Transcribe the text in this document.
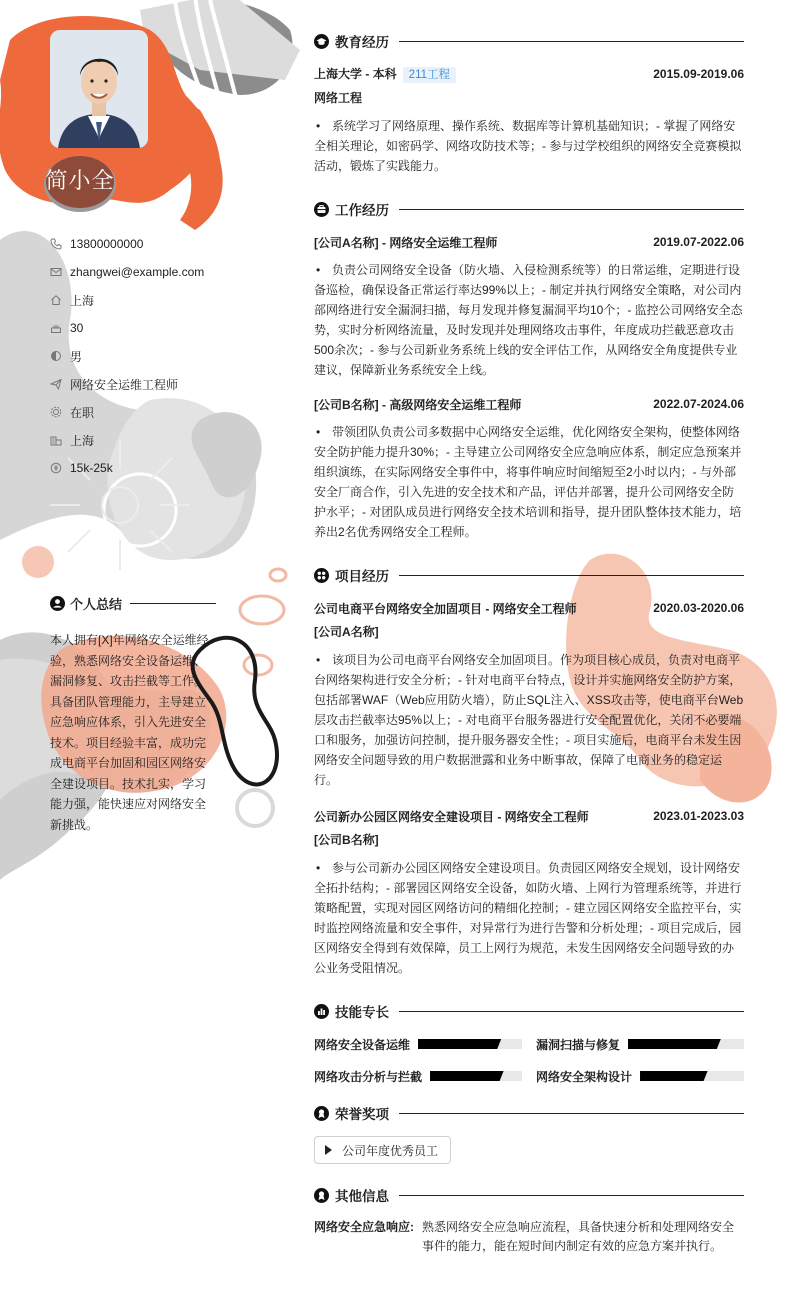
简小全
13800000000
zhangwei@example.com
上海
30
男
网络安全运维工程师
在职
上海
15k-25k
个人总结
本人拥有[X]年网络安全运维经验，熟悉网络安全设备运维、漏洞修复、攻击拦截等工作。具备团队管理能力，主导建立应急响应体系，引入先进安全技术。项目经验丰富，成功完成电商平台加固和园区网络安全建设项目。技术扎实，学习能力强，能快速应对网络安全新挑战。
教育经历
上海大学 - 本科 211工程	2015.09-2019.06
网络工程
• 系统学习了网络原理、操作系统、数据库等计算机基础知识；- 掌握了网络安全相关理论，如密码学、网络攻防技术等；- 参与过学校组织的网络安全竞赛模拟活动，锻炼了实践能力。
工作经历
[公司A名称] - 网络安全运维工程师	2019.07-2022.06
• 负责公司网络安全设备（防火墙、入侵检测系统等）的日常运维，定期进行设备巡检，确保设备正常运行率达99%以上；- 制定并执行网络安全策略，对公司内部网络进行安全漏洞扫描，每月发现并修复漏洞平均10个；- 监控公司网络安全态势，实时分析网络流量，及时发现并处理网络攻击事件，年度成功拦截恶意攻击500余次；- 参与公司新业务系统上线的安全评估工作，从网络安全角度提供专业建议，保障新业务系统安全上线。
[公司B名称] - 高级网络安全运维工程师	2022.07-2024.06
• 带领团队负责公司多数据中心网络安全运维，优化网络安全架构，使整体网络安全防护能力提升30%；- 主导建立公司网络安全应急响应体系，制定应急预案并组织演练，在实际网络安全事件中，将事件响应时间缩短至2小时以内；- 与外部安全厂商合作，引入先进的安全技术和产品，评估并部署，提升公司网络安全防护水平；- 对团队成员进行网络安全技术培训和指导，提升团队整体技术能力，培养出2名优秀网络安全工程师。
项目经历
公司电商平台网络安全加固项目 - 网络安全工程师	2020.03-2020.06
[公司A名称]
• 该项目为公司电商平台网络安全加固项目。作为项目核心成员，负责对电商平台网络架构进行安全分析；- 针对电商平台特点，设计并实施网络安全防护方案，包括部署WAF（Web应用防火墙），防止SQL注入、XSS攻击等，使电商平台Web层攻击拦截率达95%以上；- 对电商平台服务器进行安全配置优化，关闭不必要端口和服务，加强访问控制，提升服务器安全性；- 项目实施后，电商平台未发生因网络安全问题导致的用户数据泄露和业务中断事故，保障了电商业务的稳定运行。
公司新办公园区网络安全建设项目 - 网络安全工程师	2023.01-2023.03
[公司B名称]
• 参与公司新办公园区网络安全建设项目。负责园区网络安全规划，设计网络安全拓扑结构；- 部署园区网络安全设备，如防火墙、上网行为管理系统等，并进行策略配置，实现对园区网络访问的精细化控制；- 建立园区网络安全监控平台，实时监控网络流量和安全事件，对异常行为进行告警和分析处理；- 项目完成后，园区网络安全得到有效保障，员工上网行为规范，未发生因网络安全问题导致的办公业务受阻情况。
技能专长
网络安全设备运维	漏洞扫描与修复
网络攻击分析与拦截	网络安全架构设计
荣誉奖项
公司年度优秀员工
其他信息
网络安全应急响应: 熟悉网络安全应急响应流程，具备快速分析和处理网络安全事件的能力，能在短时间内制定有效的应急方案并执行。
